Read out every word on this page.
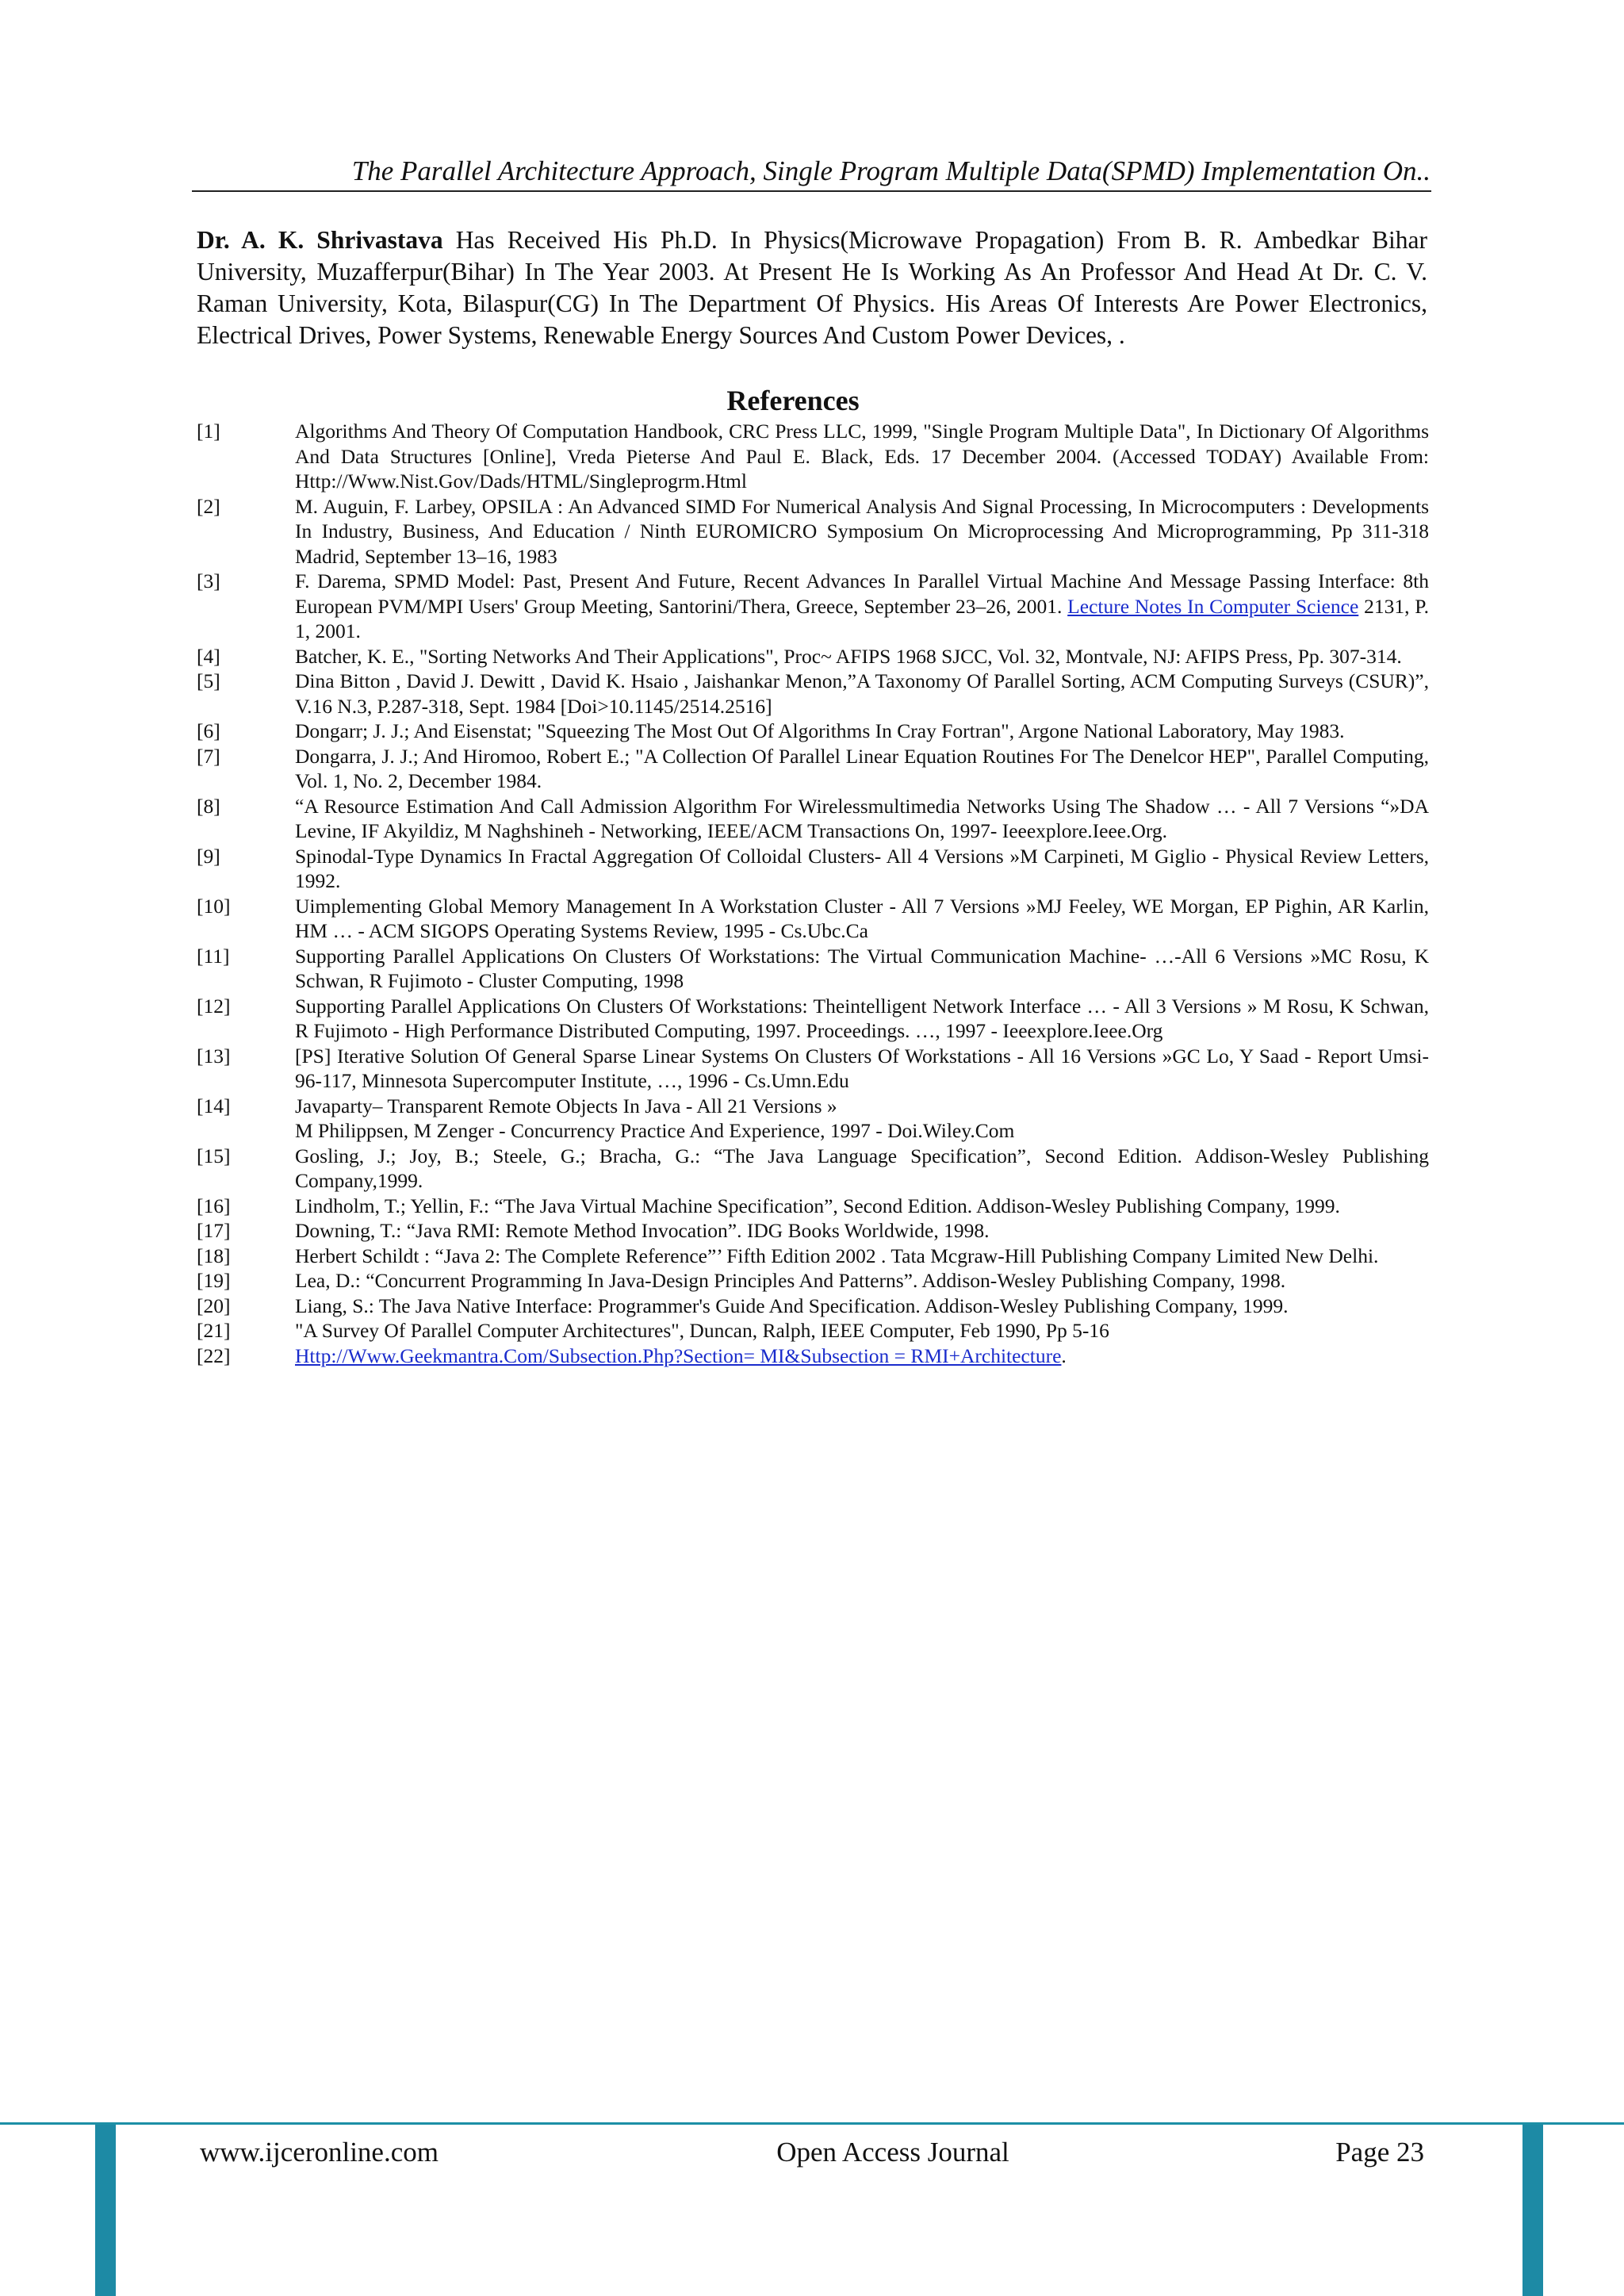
The Parallel Architecture Approach, Single Program Multiple Data(SPMD) Implementation On..

Dr. A. K. Shrivastava Has Received His Ph.D. In Physics(Microwave Propagation) From B. R. Ambedkar Bihar University, Muzafferpur(Bihar) In The Year 2003. At Present He Is Working As An Professor And Head At Dr. C. V. Raman University, Kota, Bilaspur(CG) In The Department Of Physics. His Areas Of Interests Are Power Electronics, Electrical Drives, Power Systems, Renewable Energy Sources And Custom Power Devices, .

References
[1]	Algorithms And Theory Of Computation Handbook, CRC Press LLC, 1999, "Single Program Multiple Data", In Dictionary Of Algorithms And Data Structures [Online], Vreda Pieterse And Paul E. Black, Eds. 17 December 2004. (Accessed TODAY) Available From: Http://Www.Nist.Gov/Dads/HTML/Singleprogrm.Html
[2]	M. Auguin, F. Larbey, OPSILA : An Advanced SIMD For Numerical Analysis And Signal Processing, In Microcomputers : Developments In Industry, Business, And Education / Ninth EUROMICRO Symposium On Microprocessing And Microprogramming, Pp 311-318 Madrid, September 13–16, 1983
[3]	F. Darema, SPMD Model: Past, Present And Future, Recent Advances In Parallel Virtual Machine And Message Passing Interface: 8th European PVM/MPI Users' Group Meeting, Santorini/Thera, Greece, September 23–26, 2001. Lecture Notes In Computer Science 2131, P. 1, 2001.
[4]	Batcher, K. E., "Sorting Networks And Their Applications", Proc~ AFIPS 1968 SJCC, Vol. 32, Montvale, NJ: AFIPS Press, Pp. 307-314.
[5]	Dina Bitton , David J. Dewitt , David K. Hsaio , Jaishankar Menon,”A Taxonomy Of Parallel Sorting, ACM Computing Surveys (CSUR)”, V.16 N.3, P.287-318, Sept. 1984 [Doi>10.1145/2514.2516]
[6]	Dongarr; J. J.; And Eisenstat; "Squeezing The Most Out Of Algorithms In Cray Fortran", Argone National Laboratory, May 1983.
[7]	Dongarra, J. J.; And Hiromoo, Robert E.; "A Collection Of Parallel Linear Equation Routines For The Denelcor HEP", Parallel Computing, Vol. 1, No. 2, December 1984.
[8]	“A Resource Estimation And Call Admission Algorithm For Wirelessmultimedia Networks Using The Shadow … - All 7 Versions “»DA Levine, IF Akyildiz, M Naghshineh - Networking, IEEE/ACM Transactions On, 1997- Ieeexplore.Ieee.Org.
[9]	Spinodal-Type Dynamics In Fractal Aggregation Of Colloidal Clusters- All 4 Versions »M Carpineti, M Giglio - Physical Review Letters, 1992.
[10]	Uimplementing Global Memory Management In A Workstation Cluster - All 7 Versions »MJ Feeley, WE Morgan, EP Pighin, AR Karlin, HM … - ACM SIGOPS Operating Systems Review, 1995 - Cs.Ubc.Ca
[11]	Supporting Parallel Applications On Clusters Of Workstations: The Virtual Communication Machine- …-All 6 Versions »MC Rosu, K Schwan, R Fujimoto - Cluster Computing, 1998
[12]	Supporting Parallel Applications On Clusters Of Workstations: Theintelligent Network Interface … - All 3 Versions » M Rosu, K Schwan, R Fujimoto - High Performance Distributed Computing, 1997. Proceedings. …, 1997 - Ieeexplore.Ieee.Org
[13]	[PS] Iterative Solution Of General Sparse Linear Systems On Clusters Of Workstations - All 16 Versions »GC Lo, Y Saad - Report Umsi-96-117, Minnesota Supercomputer Institute, …, 1996 - Cs.Umn.Edu
[14]	Javaparty– Transparent Remote Objects In Java - All 21 Versions »
M Philippsen, M Zenger - Concurrency Practice And Experience, 1997 - Doi.Wiley.Com
[15]	Gosling, J.; Joy, B.; Steele, G.; Bracha, G.: “The Java Language Specification”, Second Edition. Addison-Wesley Publishing Company,1999.
[16]	Lindholm, T.; Yellin, F.: “The Java Virtual Machine Specification”, Second Edition. Addison-Wesley Publishing Company, 1999.
[17]	Downing, T.: “Java RMI: Remote Method Invocation”. IDG Books Worldwide, 1998.
[18]	Herbert Schildt : “Java 2: The Complete Reference”’ Fifth Edition 2002 . Tata Mcgraw-Hill Publishing Company Limited New Delhi.
[19]	Lea, D.: “Concurrent Programming In Java-Design Principles And Patterns”. Addison-Wesley Publishing Company, 1998.
[20]	Liang, S.: The Java Native Interface: Programmer's Guide And Specification. Addison-Wesley Publishing Company, 1999.
[21]	"A Survey Of Parallel Computer Architectures", Duncan, Ralph, IEEE Computer, Feb 1990, Pp 5-16
[22]	Http://Www.Geekmantra.Com/Subsection.Php?Section= MI&Subsection = RMI+Architecture.
www.ijceronline.com	Open Access Journal	Page 23
